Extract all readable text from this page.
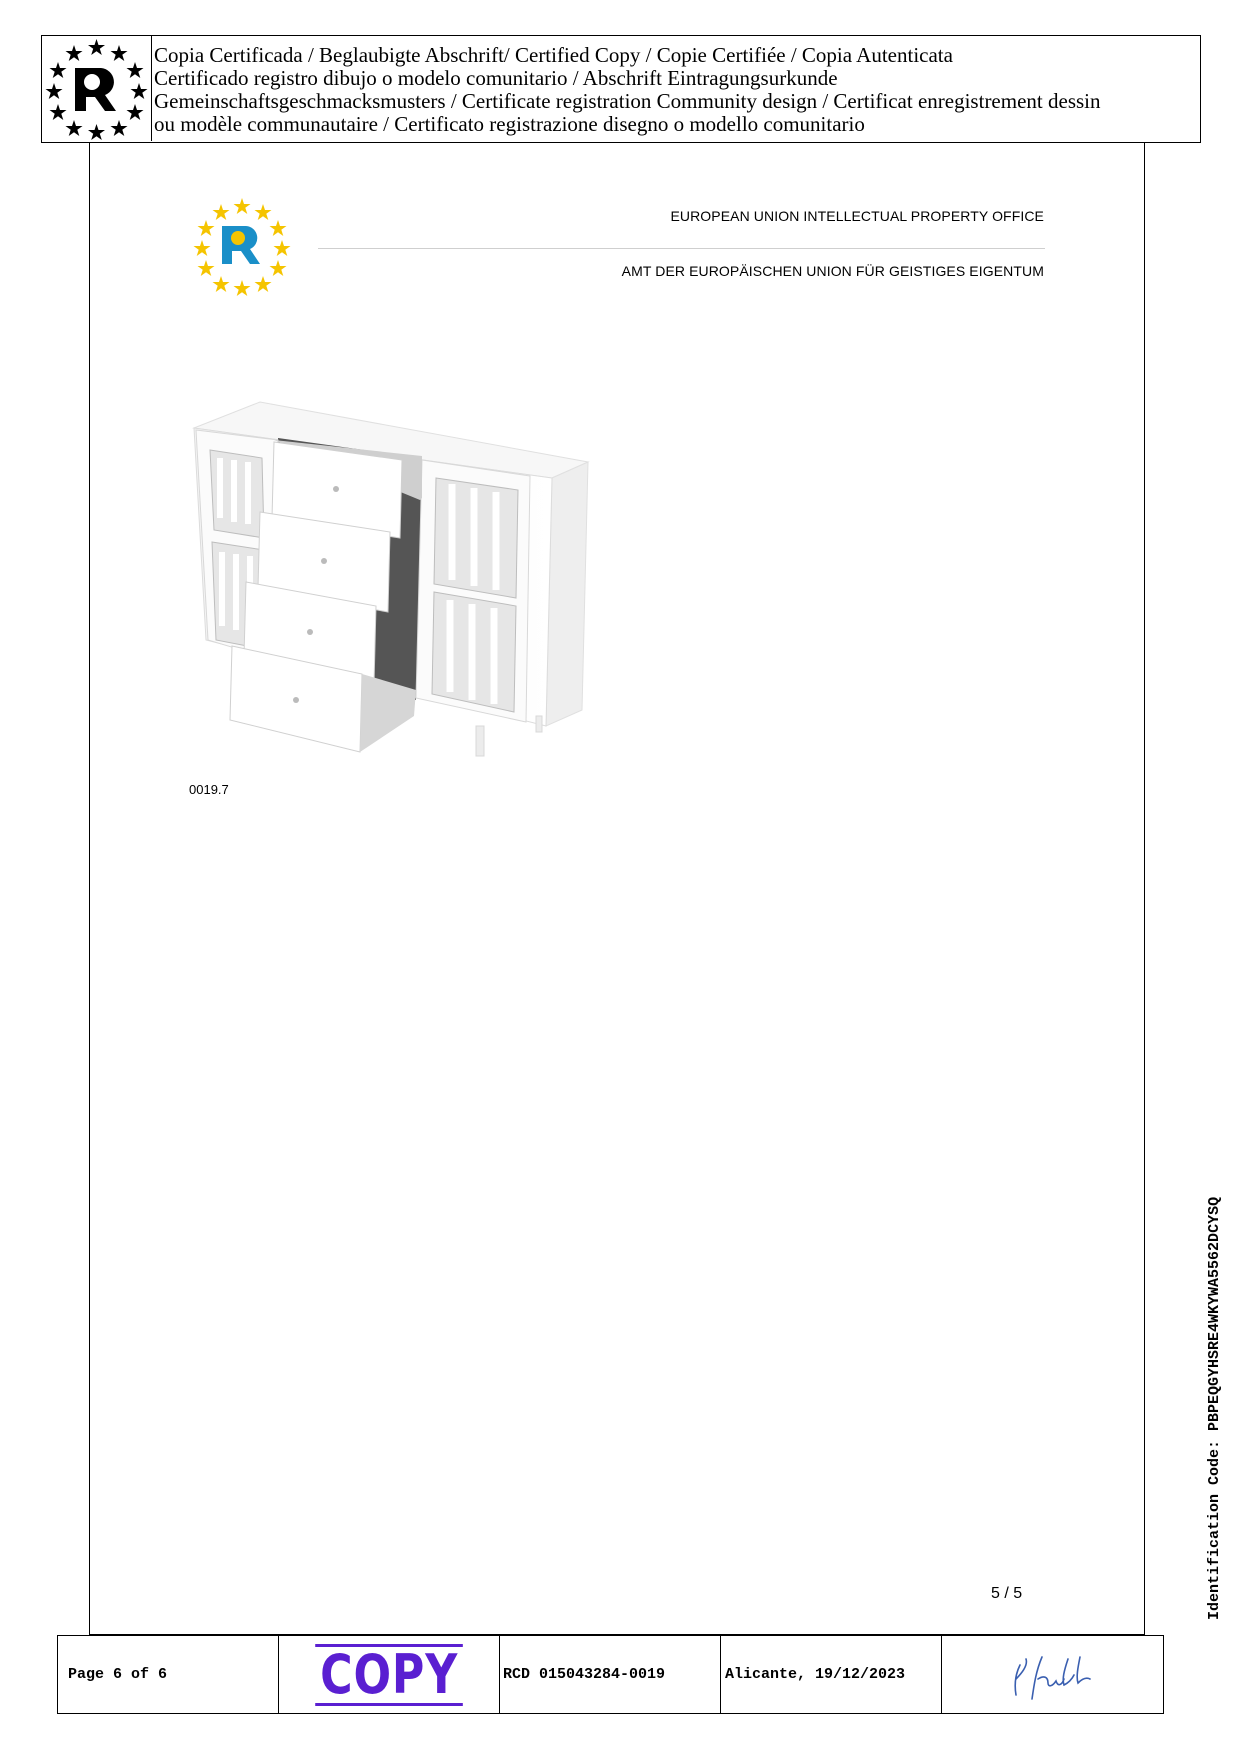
Copia Certificada / Beglaubigte Abschrift/ Certified Copy / Copie Certifiée / Copia Autenticata
Certificado registro dibujo o modelo comunitario / Abschrift Eintragungsurkunde
Gemeinschaftsgeschmacksmusters / Certificate registration Community design / Certificat enregistrement dessin
ou modèle communautaire / Certificato registrazione disegno o modello comunitario
EUROPEAN UNION INTELLECTUAL PROPERTY OFFICE
AMT DER EUROPÄISCHEN UNION FÜR GEISTIGES EIGENTUM
0019.7
5 / 5	Identification Code: PBPEQGYHSRE4WKYWA5562DCYSQ
Page 6 of 6	COPY	RCD 015043284-0019	Alicante, 19/12/2023
